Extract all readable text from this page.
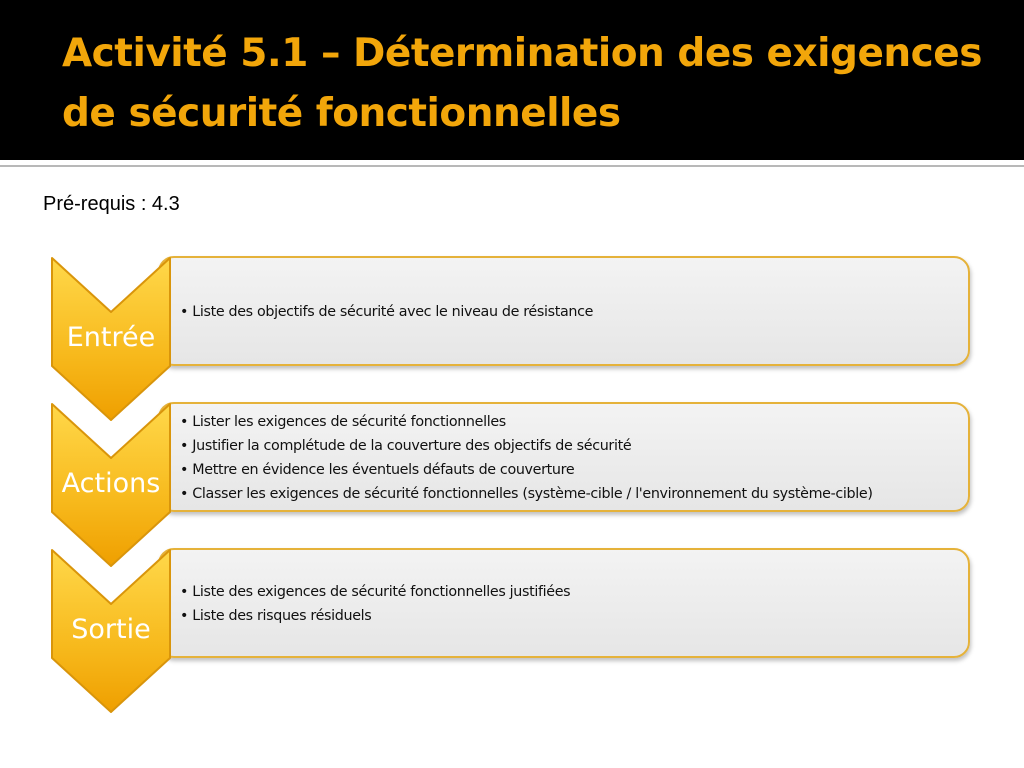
Activité 5.1 – Détermination des exigences de sécurité fonctionnelles
Pré-requis : 4.3
• Liste des objectifs de sécurité avec le niveau de résistance
Entrée
• Lister les exigences de sécurité fonctionnelles
• Justifier la complétude de la couverture des objectifs de sécurité
• Mettre en évidence les éventuels défauts de couverture
• Classer les exigences de sécurité fonctionnelles (système-cible / l'environnement du système-cible)
Actions
• Liste des exigences de sécurité fonctionnelles justifiées
• Liste des risques résiduels
Sortie
